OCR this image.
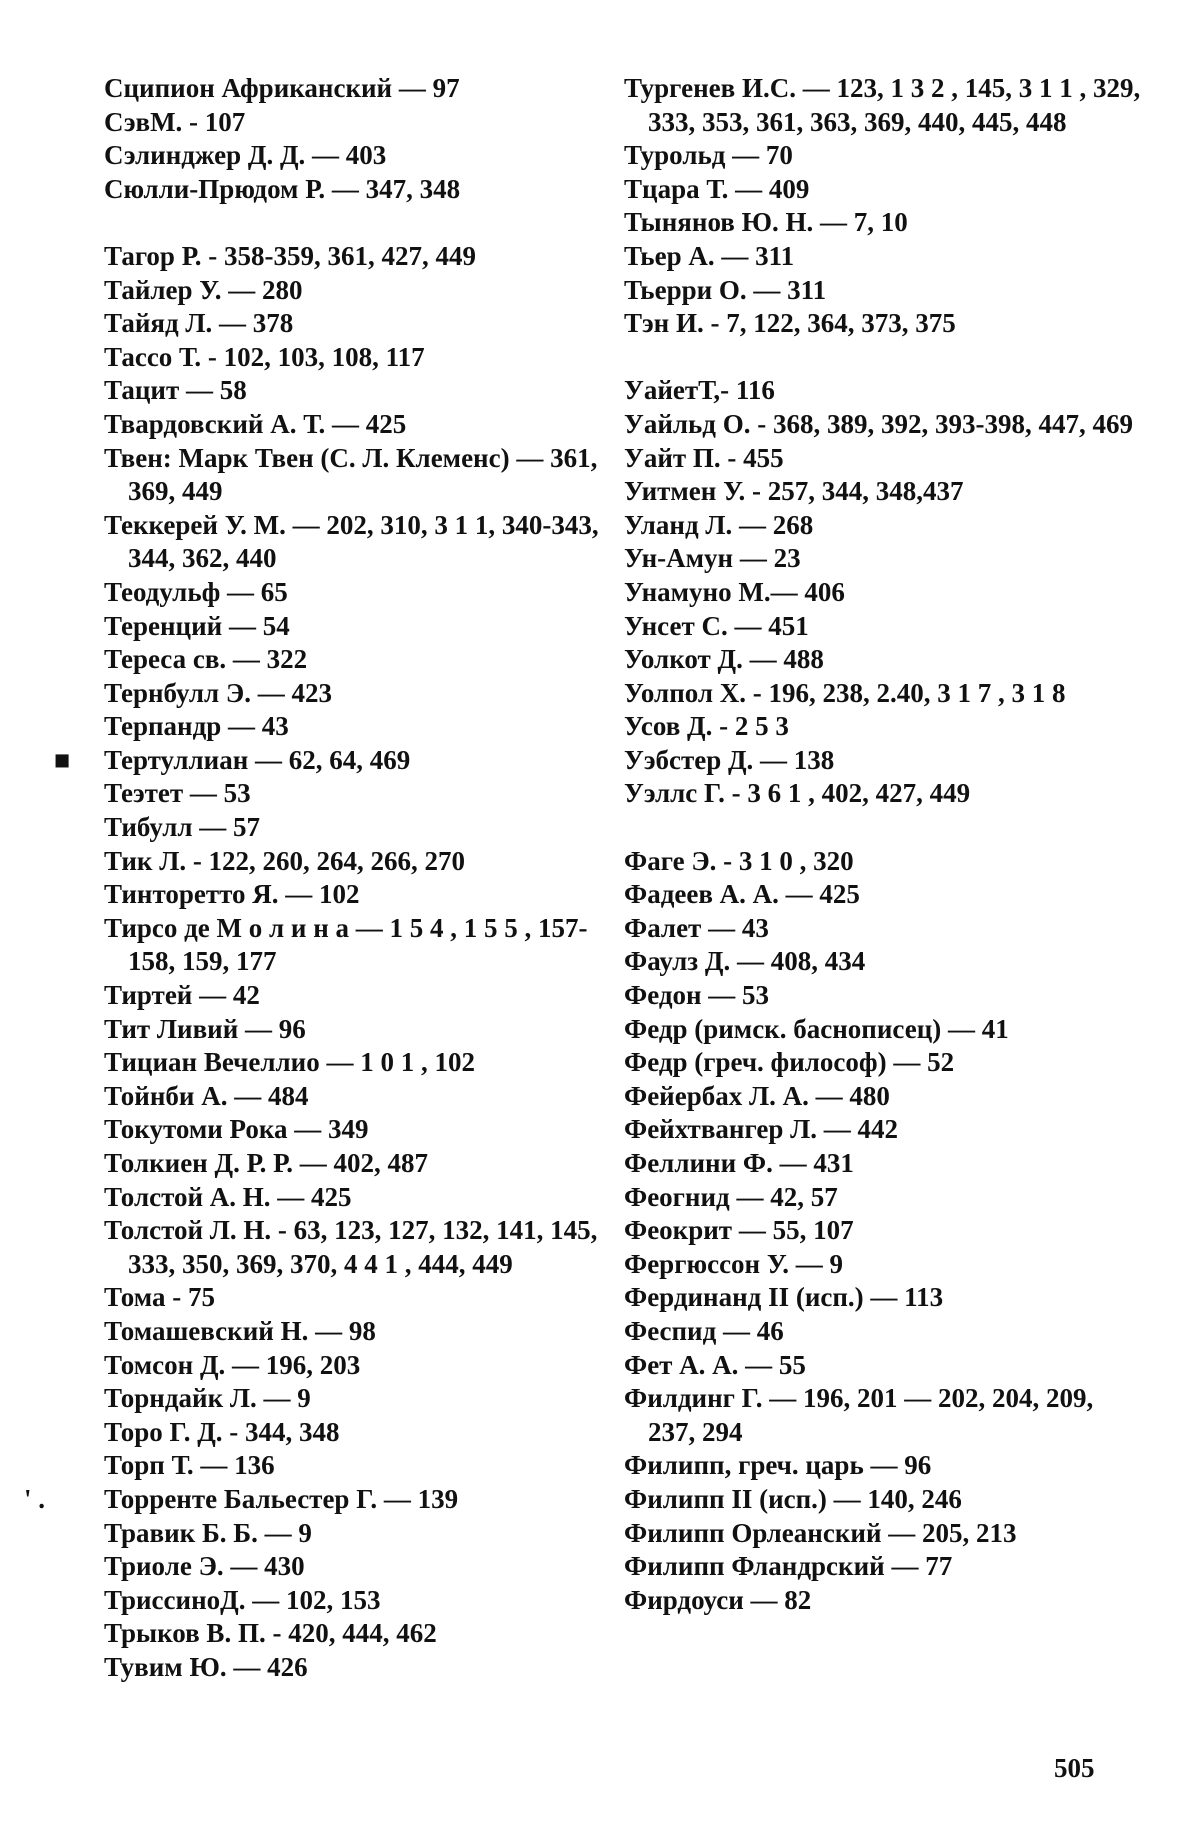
Сципион Африканский — 97

СэвМ. - 107

Сэлинджер Д. Д. — 403

Сюлли-Прюдом Р. — 347, 348

Тагор Р. - 358-359, 361, 427, 449

Тайлер У. — 280

Тайяд Л. — 378

Тассо Т. - 102, 103, 108, 117

Тацит — 58

Твардовский А. Т. — 425

Твен: Марк Твен (С. Л. Клеменс) — 361, 369, 449

Теккерей У. М. — 202, 310, 3 1 1, 340-343, 344, 362, 440

Теодульф — 65

Теренций — 54

Тереса св. — 322

Тернбулл Э. — 423

Терпандр — 43

■ Тертуллиан — 62, 64, 469

Теэтет — 53

Тибулл — 57

Тик Л. - 122, 260, 264, 266, 270

Тинторетто Я. — 102

Тирсо де М о л и н а — 1 5 4 , 1 5 5 , 157-158, 159, 177

Тиртей — 42

Тит Ливий — 96

Тициан Вечеллио — 1 0 1 , 102

Тойнби А. — 484

Токутоми Рока — 349

Толкиен Д. Р. Р. — 402, 487

Толстой А. Н. — 425

Толстой Л. Н. - 63, 123, 127, 132, 141, 145, 333, 350, 369, 370, 4 4 1 , 444, 449

Тома - 75

Томашевский Н. — 98

Томсон Д. — 196, 203

Торндайк Л. — 9

Торо Г. Д. - 344, 348

Торп Т. — 136

' . Торренте Бальестер Г. — 139

Травик Б. Б. — 9

Триоле Э. — 430

ТриссиноД. — 102, 153

Трыков В. П. - 420, 444, 462

Тувим Ю. — 426

Тургенев И.С. — 123, 1 3 2 , 145, 3 1 1 , 329, 333, 353, 361, 363, 369, 440, 445, 448

Турольд — 70

Тцара Т. — 409

Тынянов Ю. Н. — 7, 10

Тьер А. — 311

Тьерри О. — 311

Тэн И. - 7, 122, 364, 373, 375

УайетТ,- 116

Уайльд О. - 368, 389, 392, 393-398, 447, 469

Уайт П. - 455

Уитмен У. - 257, 344, 348,437

Уланд Л. — 268

Ун-Амун — 23

Унамуно М.— 406

Унсет С. — 451

Уолкот Д. — 488

Уолпол X. - 196, 238, 2.40, 3 1 7 , 3 1 8

Усов Д. - 2 5 3

Уэбстер Д. — 138

Уэллс Г. - 3 6 1 , 402, 427, 449

Фаге Э. - 3 1 0 , 320

Фадеев А. А. — 425

Фалет — 43

Фаулз Д. — 408, 434

Федон — 53

Федр (римск. баснописец) — 41

Федр (греч. философ) — 52

Фейербах Л. А. — 480

Фейхтвангер Л. — 442

Феллини Ф. — 431

Феогнид — 42, 57

Феокрит — 55, 107

Фергюссон У. — 9

Фердинанд II (исп.) — 113

Феспид — 46

Фет А. А. — 55

Филдинг Г. — 196, 201 — 202, 204, 209, 237, 294

Филипп, греч. царь — 96

Филипп II (исп.) — 140, 246

Филипп Орлеанский — 205, 213

Филипп Фландрский — 77

Фирдоуси — 82

505
